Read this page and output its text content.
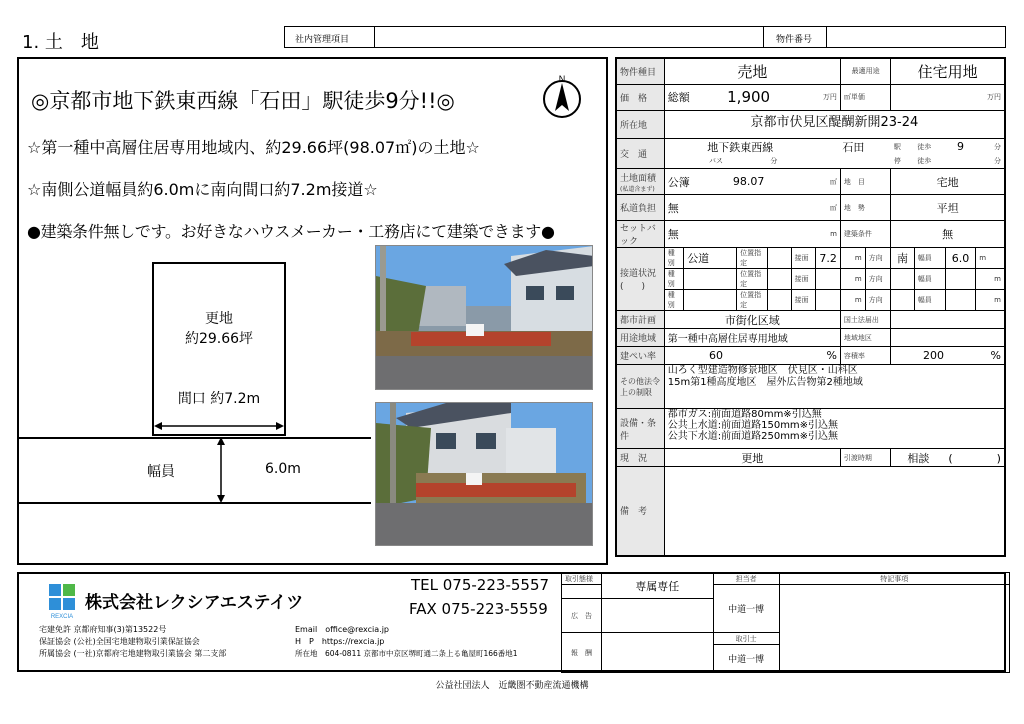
1. 土　地	社内管理項目	物件番号
◎京都市地下鉄東西線「石田」駅徒歩9分!!◎
N
☆第一種中高層住居専用地域内、約29.66坪(98.07㎡)の土地☆
☆南側公道幅員約6.0mに南向間口約7.2m接道☆
●建築条件無しです。お好きなハウスメーカー・工務店にて建築できます●
更地
約29.66坪
間口 約7.2m
幅員	6.0m
物件種目	売地							最適用途		住宅用地			
価　格	総額		1,900			万円		㎡単価		万円			
所在地	京都市伏見区醍醐新開23-24												
交　通	地下鉄東西線						石田			駅	徒歩	9	分
	バス				分					停	徒歩		分

土地面積
(私道含まず)	公簿		98.07			㎡		地　目		宅地			
私道負担	無		㎡					地　勢		平坦			
セットバック	無		m					建築条件		無			

接道状況
(　　)	種別	公道		位置指定		接面	7.2	m	方向	南	幅員	6.0	m
	種別			位置指定		接面		m	方向		幅員		m
	種別			位置指定		接面		m	方向		幅員		m
都市計画	市街化区域							国土法届出					
用途地域	第一種中高層住居専用地域							地域地区					
建ぺい率	60				%			容積率		200			%
その他法令上の制限	山ろく型建造物修景地区　伏見区・山科区
15m第1種高度地区　屋外広告物第2種地域												

設備・条件	都市ガス:前面道路80mm※引込無
公共上水道:前面道路150mm※引込無
公共下水道:前面道路250mm※引込無												

現　況	更地							引渡時期		相談		(　　　　)	
備　考													
REXCIA
株式会社レクシアエステイツ
TEL 075-223-5557
FAX 075-223-5559
宅建免許 京都府知事(3)第13522号
保証協会 (公社)全国宅地建物取引業保証協会
所属協会 (一社)京都府宅地建物取引業協会 第二支部
Email　office@rexcia.jp
H　P　https://rexcia.jp
所在地　604-0811 京都市中京区堺町通二条上る亀屋町166番地1
取引態様	専属専任	担当者	特記事項
		中道一博	
広　告			

報　酬		取引士	
		中道一博	
公益社団法人　近畿圏不動産流通機構
